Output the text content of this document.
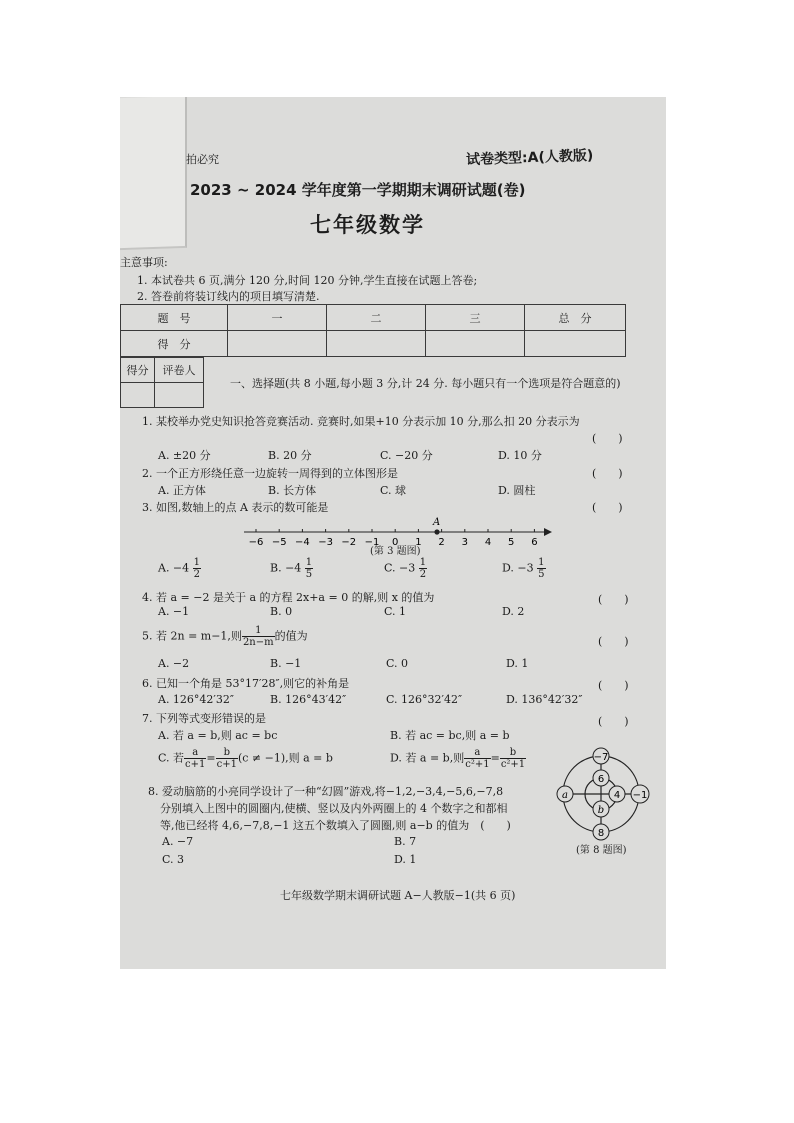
拍必究	试卷类型:A(人教版)
2023 ~ 2024 学年度第一学期期末调研试题(卷)
七年级数学
主意事项:
1. 本试卷共 6 页,满分 120 分,时间 120 分钟,学生直接在试题上答卷;
2. 答卷前将装订线内的项目填写清楚.
题　号	一	二	三	总　分
得　分				
得分	评卷人

一、选择题(共 8 小题,每小题 3 分,计 24 分. 每小题只有一个选项是符合题意的)
1. 某校举办党史知识抢答竞赛活动. 竞赛时,如果+10 分表示加 10 分,那么扣 20 分表示为
(　　)
A. ±20 分	B. 20 分	C. −20 分	D. 10 分
2. 一个正方形绕任意一边旋转一周得到的立体图形是	(　　)
A. 正方体	B. 长方体	C. 球	D. 圆柱
3. 如图,数轴上的点 A 表示的数可能是	(　　)
−6 −5 −4 −3 −2 −1 0 1 2 3 4 5 6
A
(第 3 题图)
A. $-4 \frac{1}{2}$	B. $-4 \frac{1}{5}$	C. $-3 \frac{1}{2}$	D. $-3 \frac{1}{5}$
4. 若 a = −2 是关于 a 的方程 2x+a = 0 的解,则 x 的值为	(　　)
A. −1	B. 0	C. 1	D. 2
5. 若 2n = m−1,则 $\frac{1}{2n-m}$ 的值为	(　　)
A. −2	B. −1	C. 0	D. 1
6. 已知一个角是 53°17′28″,则它的补角是	(　　)
A. 126°42′32″	B. 126°43′42″	C. 126°32′42″	D. 136°42′32″
7. 下列等式变形错误的是	(　　)
A. 若 a = b,则 ac = bc	B. 若 ac = bc,则 a = b
C. 若 $\frac{a}{c+1} = \frac{b}{c+1} (c \ne -1)$,则 a = b	D. 若 a = b,则 $\frac{a}{\text{c²+1}} = \frac{b}{\text{c²+1}}$
8. 爱动脑筋的小亮同学设计了一种“幻圆”游戏,将−1,2,−3,4,−5,6,−7,8
分别填入上图中的圆圈内,使横、竖以及内外两圈上的 4 个数字之和都相
等,他已经将 4,6,−7,8,−1 这五个数填入了圆圈,则 a−b 的值为　(　　)
A. −7	B. 7
C. 3	D. 1
−7
6
a	4 −1
b
8
(第 8 题图)
七年级数学期末调研试题 A−人教版−1(共 6 页)
